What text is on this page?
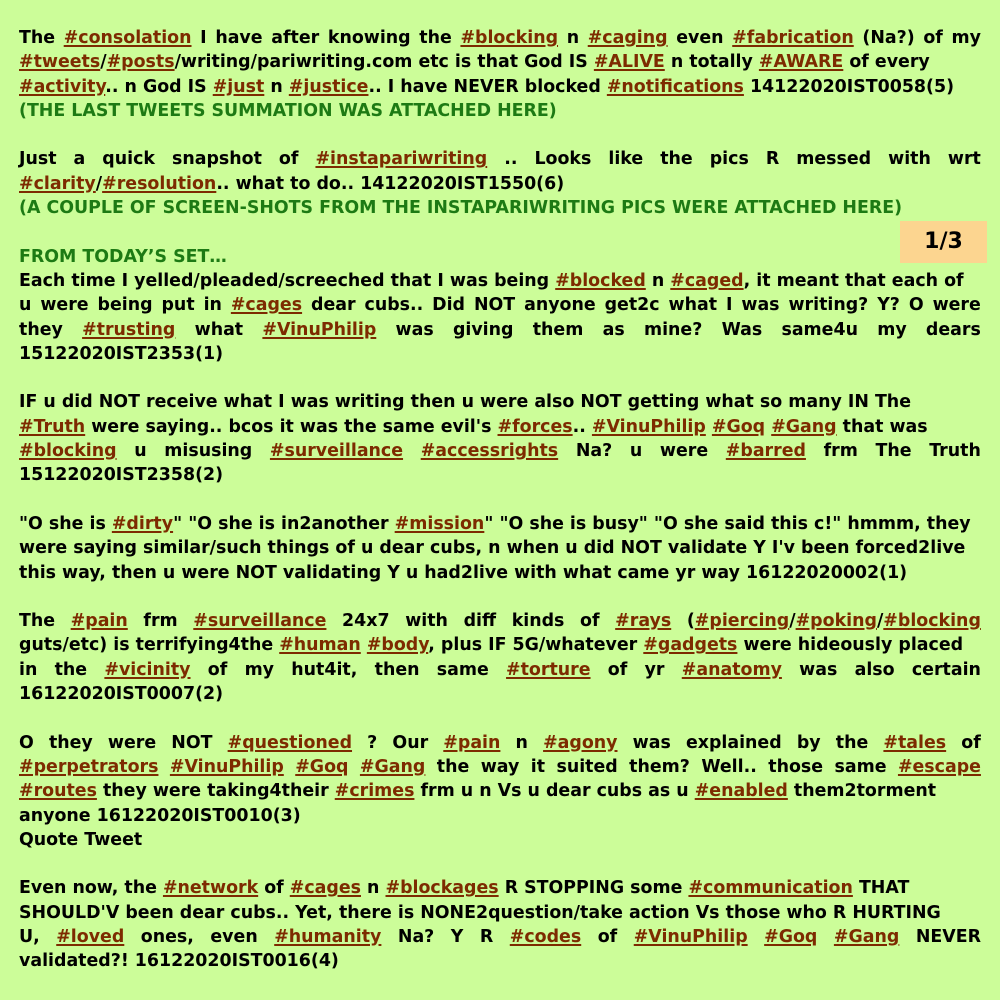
The #consolation I have after knowing the #blocking n #caging even #fabrication (Na?) of my
#tweets/#posts/writing/pariwriting.com etc is that God IS #ALIVE n totally #AWARE of every
#activity.. n God IS #just n #justice.. I have NEVER blocked #notifications 14122020IST0058(5)
(THE LAST TWEETS SUMMATION WAS ATTACHED HERE)
Just a quick snapshot of #instapariwriting .. Looks like the pics R messed with wrt
#clarity/#resolution.. what to do.. 14122020IST1550(6)
(A COUPLE OF SCREEN-SHOTS FROM THE INSTAPARIWRITING PICS WERE ATTACHED HERE)
FROM TODAY’S SET…
Each time I yelled/pleaded/screeched that I was being #blocked n #caged, it meant that each of
u were being put in #cages dear cubs.. Did NOT anyone get2c what I was writing? Y? O were
they #trusting what #VinuPhilip was giving them as mine? Was same4u my dears
15122020IST2353(1)
IF u did NOT receive what I was writing then u were also NOT getting what so many IN The
#Truth were saying.. bcos it was the same evil's #forces.. #VinuPhilip #Goq #Gang that was
#blocking u misusing #surveillance #accessrights Na? u were #barred frm The Truth
15122020IST2358(2)
"O she is #dirty" "O she is in2another #mission" "O she is busy" "O she said this c!" hmmm, they
were saying similar/such things of u dear cubs, n when u did NOT validate Y I'v been forced2live
this way, then u were NOT validating Y u had2live with what came yr way 16122020002(1)
The #pain frm #surveillance 24x7 with diff kinds of #rays (#piercing/#poking/#blocking
guts/etc) is terrifying4the #human #body, plus IF 5G/whatever #gadgets were hideously placed
in the #vicinity of my hut4it, then same #torture of yr #anatomy was also certain
16122020IST0007(2)
O they were NOT #questioned ? Our #pain n #agony was explained by the #tales of
#perpetrators #VinuPhilip #Goq #Gang the way it suited them? Well.. those same #escape
#routes they were taking4their #crimes frm u n Vs u dear cubs as u #enabled them2torment
anyone 16122020IST0010(3)
Quote Tweet
Even now, the #network of #cages n #blockages R STOPPING some #communication THAT
SHOULD'V been dear cubs.. Yet, there is NONE2question/take action Vs those who R HURTING
U, #loved ones, even #humanity Na? Y R #codes of #VinuPhilip #Goq #Gang NEVER
validated?! 16122020IST0016(4)
1/3
